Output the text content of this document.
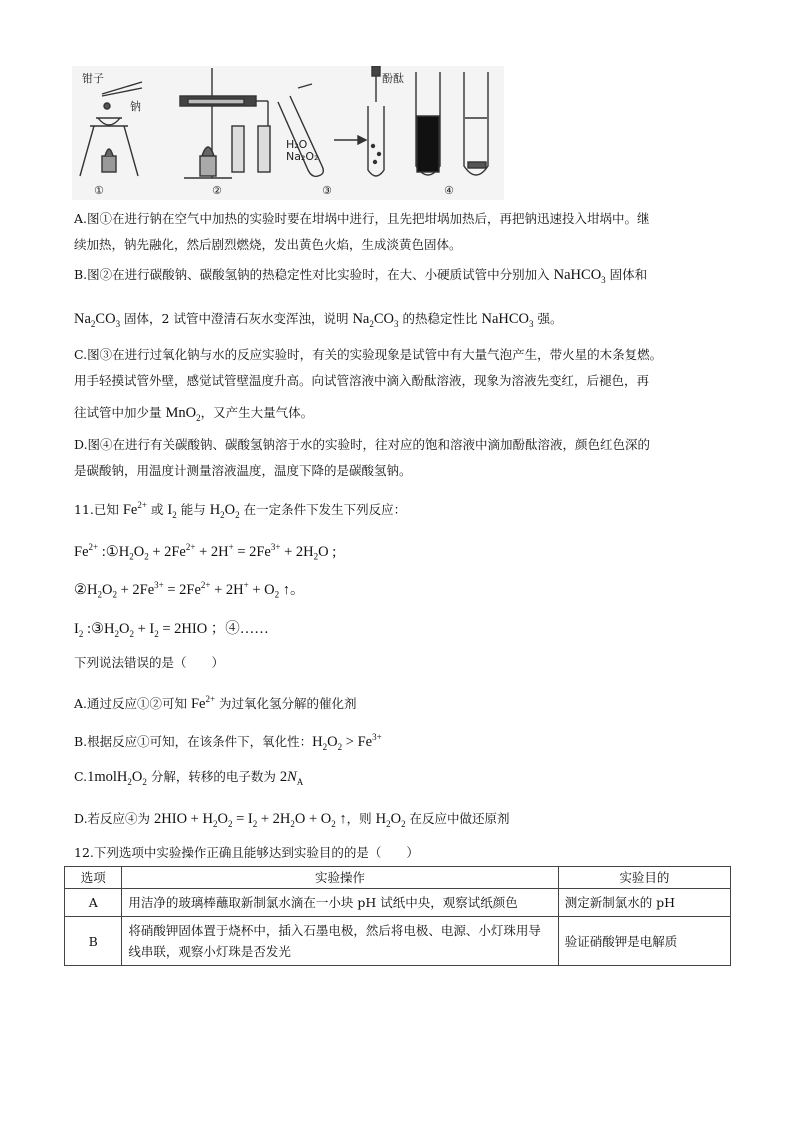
钳子
钠
①	②
H₂O
Na₂O₂
酚酞
③	④
A.图①在进行钠在空气中加热的实验时要在坩埚中进行，且先把坩埚加热后，再把钠迅速投入坩埚中。继
续加热，钠先融化，然后剧烈燃烧，发出黄色火焰，生成淡黄色固体。
B.图②在进行碳酸钠、碳酸氢钠的热稳定性对比实验时，在大、小硬质试管中分别加入 NaHCO$_3$ 固体和
$Na_2CO_3$ 固体，2 试管中澄清石灰水变浑浊，说明 $Na_2CO_3$ 的热稳定性比 NaHCO$_3$ 强。
C.图③在进行过氧化钠与水的反应实验时，有关的实验现象是试管中有大量气泡产生，带火星的木条复燃。
用手轻摸试管外壁，感觉试管壁温度升高。向试管溶液中滴入酚酞溶液，现象为溶液先变红，后褪色，再
往试管中加少量 MnO$_2$，又产生大量气体。
D.图④在进行有关碳酸钠、碳酸氢钠溶于水的实验时，往对应的饱和溶液中滴加酚酞溶液，颜色红色深的
是碳酸钠，用温度计测量溶液温度，温度下降的是碳酸氢钠。
11.已知 $Fe^{2+}$ 或 $I_2$ 能与 $H_2O_2$ 在一定条件下发生下列反应：
$Fe^{2+}$ $:①H_2O_2 + 2Fe^{2+} + 2H^+ = 2Fe^{3+} + 2H_2O$ ;
$②H_2O_2 + 2Fe^{3+} = 2Fe^{2+} + 2H^+ + O_2$ ↑。
$I_2$ $:③H_2O_2 + I_2 = 2HIO$ ；④……
下列说法错误的是（　　）
A.通过反应①②可知 $Fe^{2+}$ 为过氧化氢分解的催化剂
B.根据反应①可知，在该条件下，氧化性：$H_2O_2 > Fe^{3+}$
$C.1molH_2O_2$ 分解，转移的电子数为 $2N_A$
D.若反应④为 $2HIO + H_2O_2 = I_2 + 2H_2O + O_2$ ↑，则 $H_2O_2$ 在反应中做还原剂
12.下列选项中实验操作正确且能够达到实验目的的是（　　）
选项	实验操作	实验目的
A	用洁净的玻璃棒蘸取新制氯水滴在一小块 pH 试纸中央，观察试纸颜色	测定新制氯水的 pH
B	将硝酸钾固体置于烧杯中，插入石墨电极，然后将电极、电源、小灯珠用导线串联，观察小灯珠是否发光	验证硝酸钾是电解质
